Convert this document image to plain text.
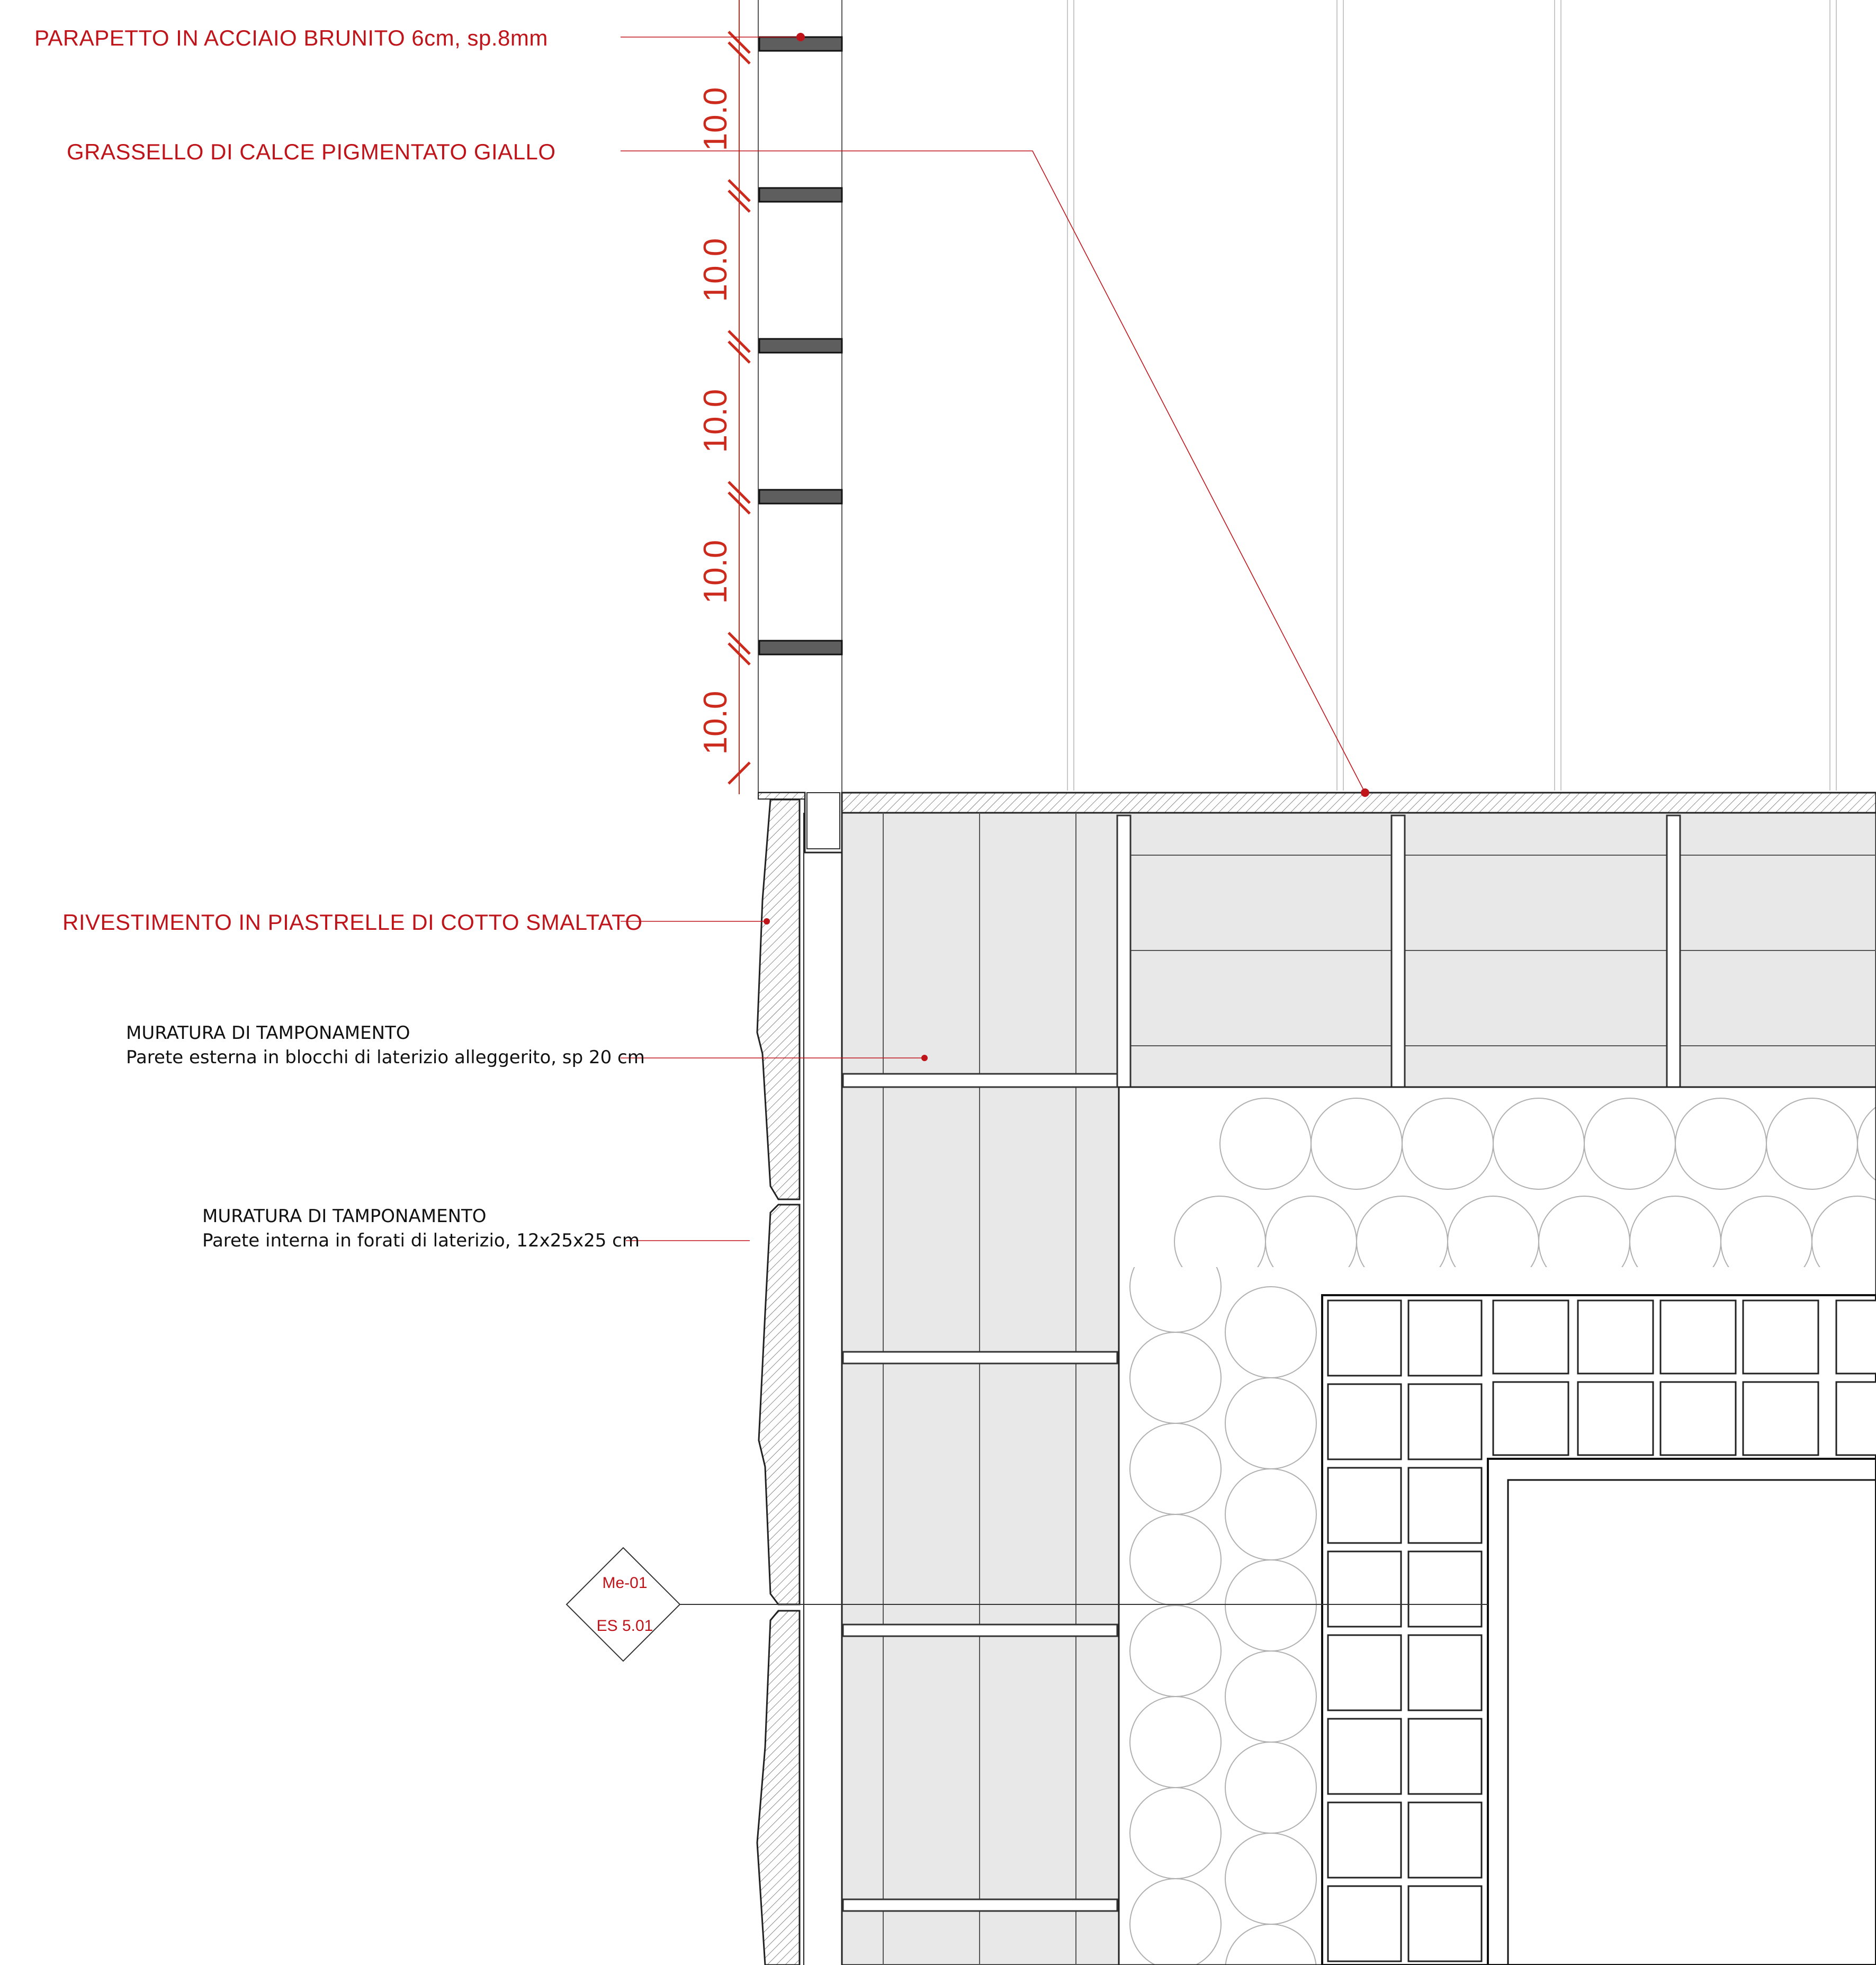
10.0
10.0
10.0
10.0
10.0
Me-01
ES 5.01
PARAPETTO IN ACCIAIO BRUNITO 6cm, sp.8mm
GRASSELLO DI CALCE PIGMENTATO GIALLO
RIVESTIMENTO IN PIASTRELLE DI COTTO SMALTATO
MURATURA DI TAMPONAMENTO
Parete esterna in blocchi di laterizio alleggerito, sp 20 cm
MURATURA DI TAMPONAMENTO
Parete interna in forati di laterizio, 12x25x25 cm
